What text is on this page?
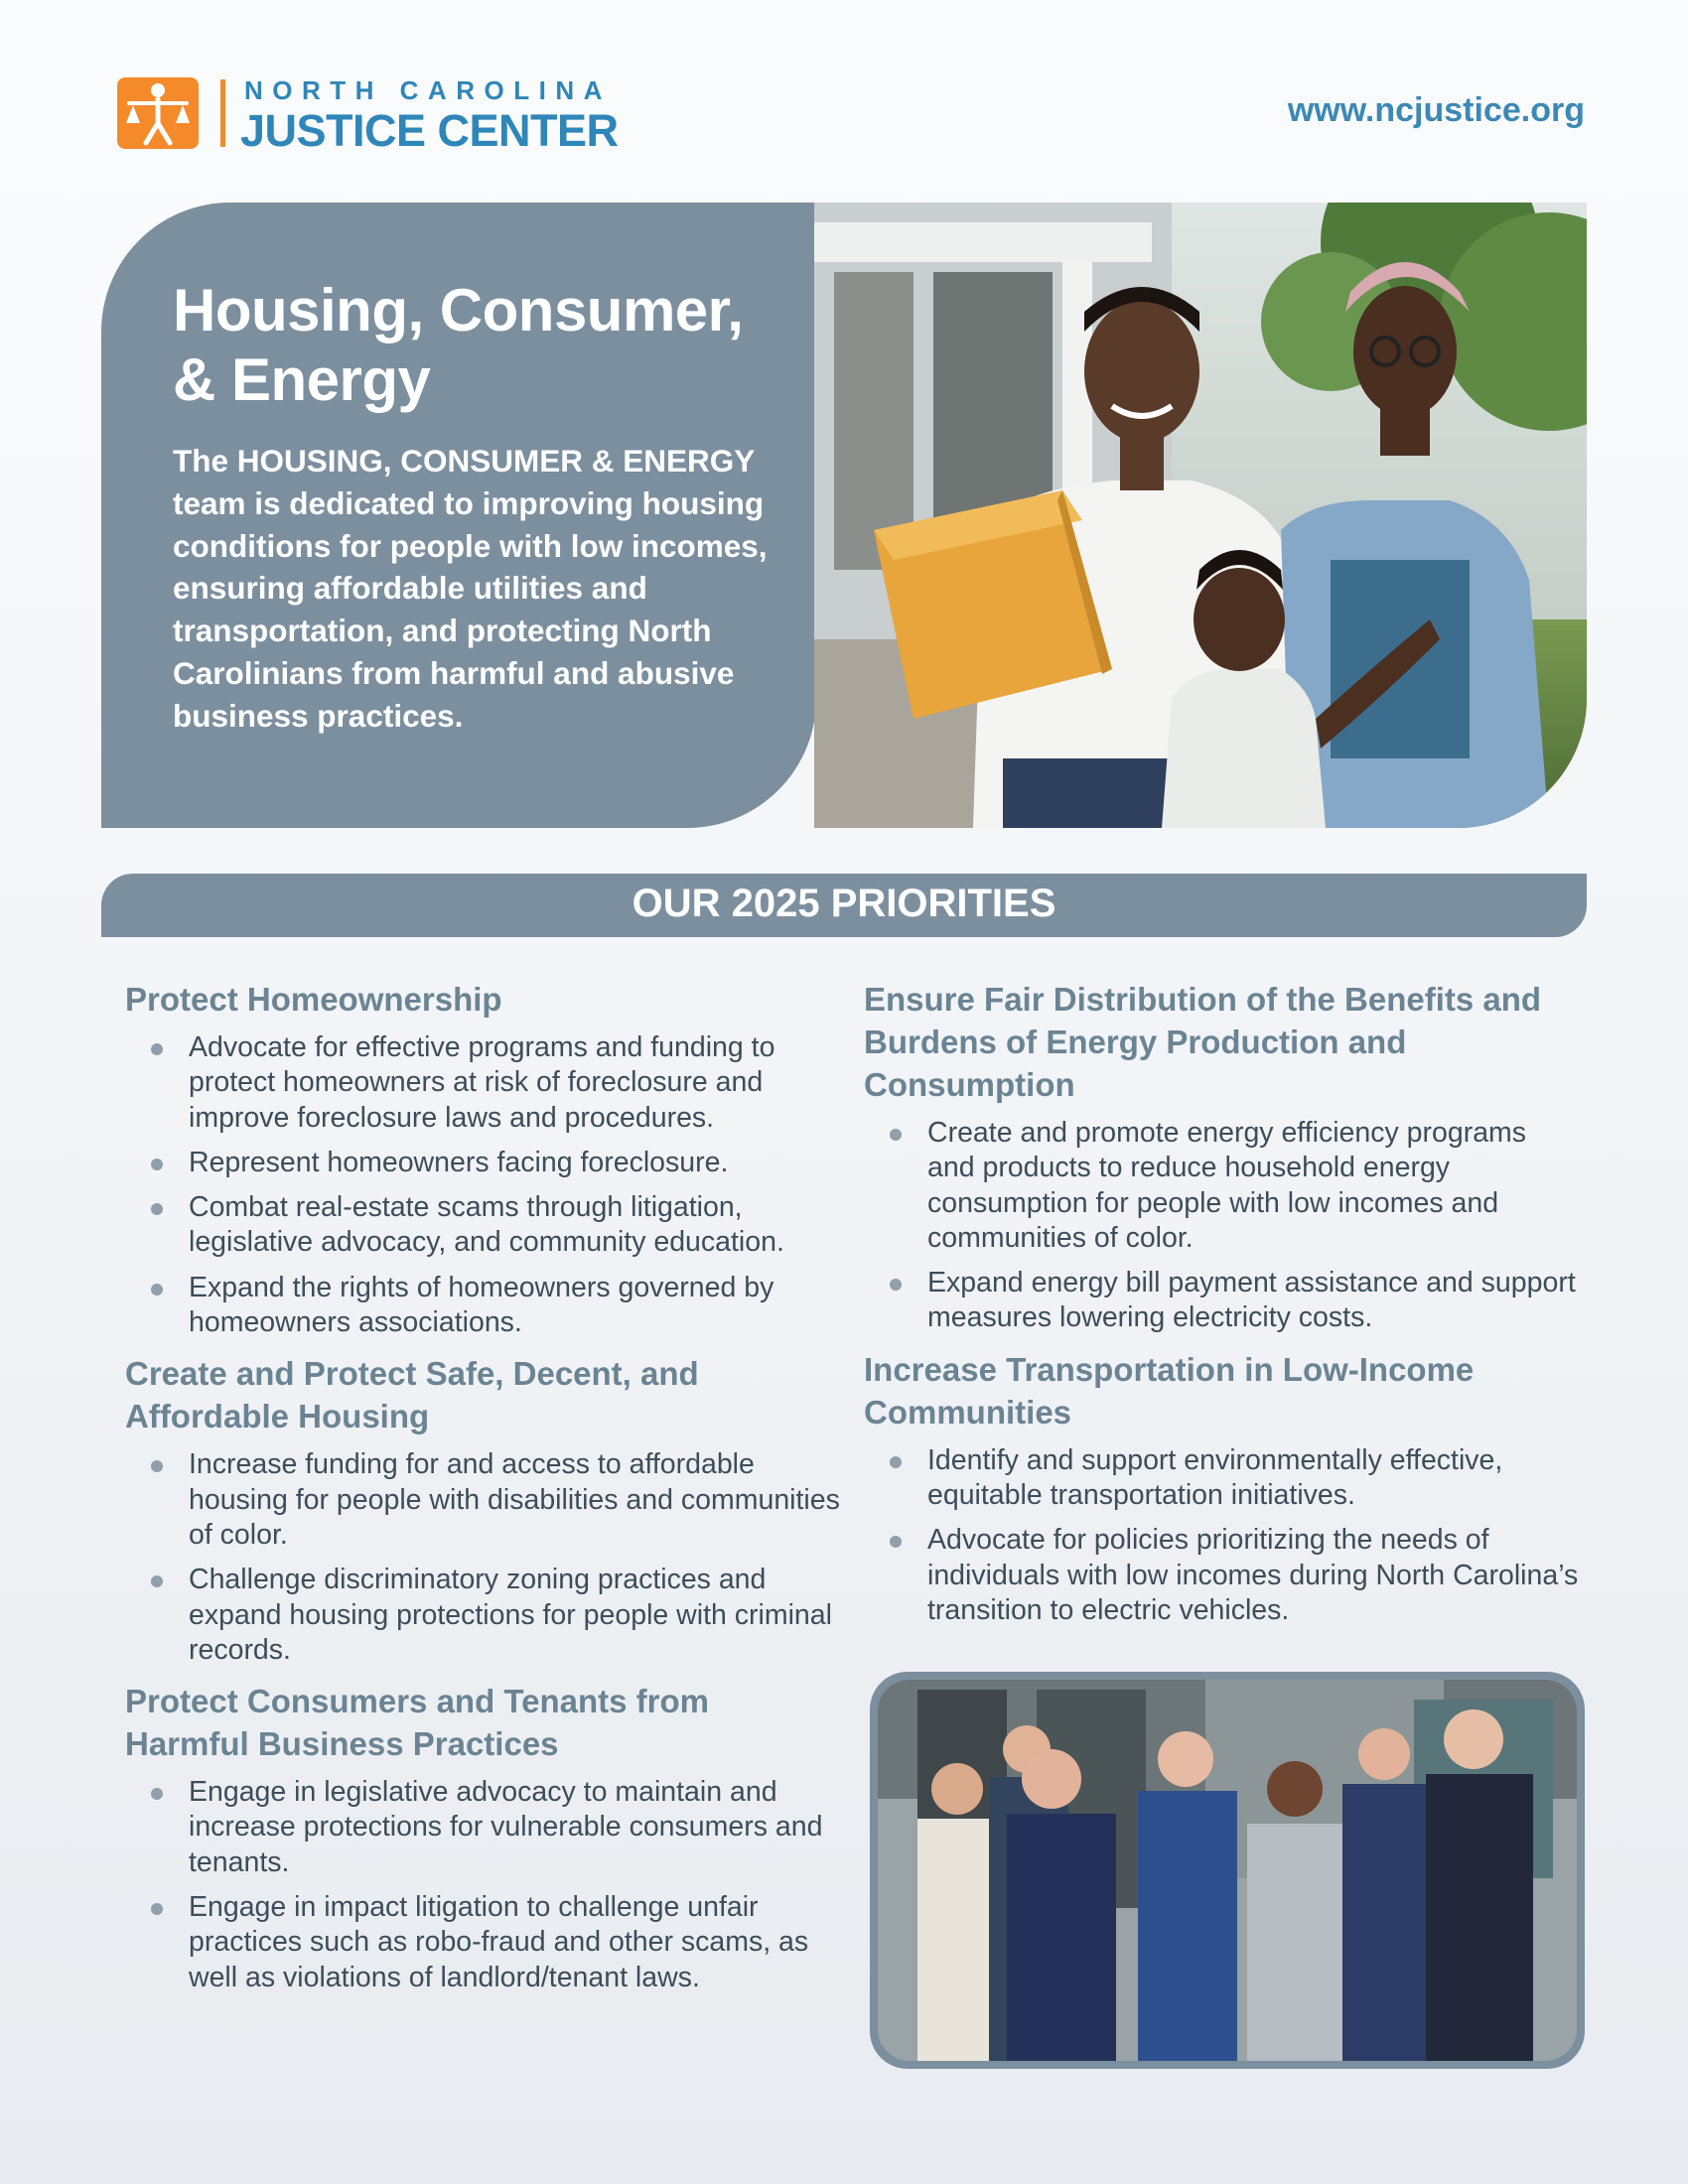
NORTH CAROLINA
JUSTICE CENTER	www.ncjustice.org
Housing, Consumer,
& Energy
The HOUSING, CONSUMER & ENERGY team is dedicated to improving housing conditions for people with low incomes, ensuring affordable utilities and transportation, and protecting North Carolinians from harmful and abusive business practices.
OUR 2025 PRIORITIES
Protect Homeownership
Advocate for effective programs and funding to protect homeowners at risk of foreclosure and improve foreclosure laws and procedures.
Represent homeowners facing foreclosure.
Combat real-estate scams through litigation, legislative advocacy, and community education.
Expand the rights of homeowners governed by homeowners associations.
Create and Protect Safe, Decent, and Affordable Housing
Increase funding for and access to affordable housing for people with disabilities and communities of color.
Challenge discriminatory zoning practices and expand housing protections for people with criminal records.
Protect Consumers and Tenants from Harmful Business Practices
Engage in legislative advocacy to maintain and increase protections for vulnerable consumers and tenants.
Engage in impact litigation to challenge unfair practices such as robo-fraud and other scams, as well as violations of landlord/tenant laws.
Ensure Fair Distribution of the Benefits and Burdens of Energy Production and Consumption
Create and promote energy efficiency programs and products to reduce household energy consumption for people with low incomes and communities of color.
Expand energy bill payment assistance and support measures lowering electricity costs.
Increase Transportation in Low-Income Communities
Identify and support environmentally effective, equitable transportation initiatives.
Advocate for policies prioritizing the needs of individuals with low incomes during North Carolina’s transition to electric vehicles.
